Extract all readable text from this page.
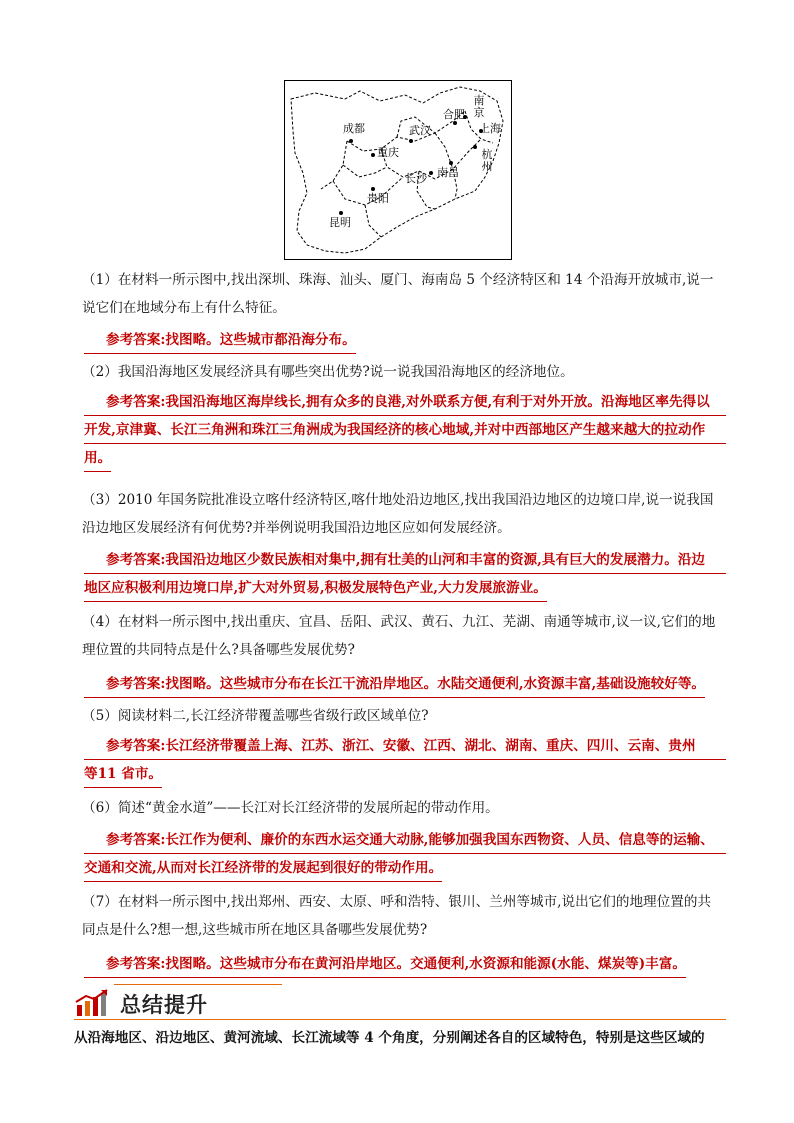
成都
重庆
武汉
合肥
南京
上海
杭州
南昌
长沙
贵阳
昆明
（1）在材料一所示图中,找出深圳、珠海、汕头、厦门、海南岛 5 个经济特区和 14 个沿海开放城市,说一
说它们在地域分布上有什么特征。
参考答案:找图略。这些城市都沿海分布。
（2）我国沿海地区发展经济具有哪些突出优势?说一说我国沿海地区的经济地位。
参考答案:我国沿海地区海岸线长,拥有众多的良港,对外联系方便,有利于对外开放。沿海地区率先得以
开发,京津冀、长江三角洲和珠江三角洲成为我国经济的核心地域,并对中西部地区产生越来越大的拉动作
用。
（3）2010 年国务院批准设立喀什经济特区,喀什地处沿边地区,找出我国沿边地区的边境口岸,说一说我国
沿边地区发展经济有何优势?并举例说明我国沿边地区应如何发展经济。
参考答案:我国沿边地区少数民族相对集中,拥有壮美的山河和丰富的资源,具有巨大的发展潜力。沿边
地区应积极利用边境口岸,扩大对外贸易,积极发展特色产业,大力发展旅游业。
（4）在材料一所示图中,找出重庆、宜昌、岳阳、武汉、黄石、九江、芜湖、南通等城市,议一议,它们的地
理位置的共同特点是什么?具备哪些发展优势?
参考答案:找图略。这些城市分布在长江干流沿岸地区。水陆交通便利,水资源丰富,基础设施较好等。
（5）阅读材料二,长江经济带覆盖哪些省级行政区域单位?
参考答案:长江经济带覆盖上海、江苏、浙江、安徽、江西、湖北、湖南、重庆、四川、云南、贵州
等11 省市。
（6）简述“黄金水道”——长江对长江经济带的发展所起的带动作用。
参考答案:长江作为便利、廉价的东西水运交通大动脉,能够加强我国东西物资、人员、信息等的运输、
交通和交流,从而对长江经济带的发展起到很好的带动作用。
（7）在材料一所示图中,找出郑州、西安、太原、呼和浩特、银川、兰州等城市,说出它们的地理位置的共
同点是什么?想一想,这些城市所在地区具备哪些发展优势?
参考答案:找图略。这些城市分布在黄河沿岸地区。交通便利,水资源和能源(水能、煤炭等)丰富。
总结提升
从沿海地区、沿边地区、黄河流域、长江流域等 4 个角度，分别阐述各自的区域特色，特别是这些区域的
